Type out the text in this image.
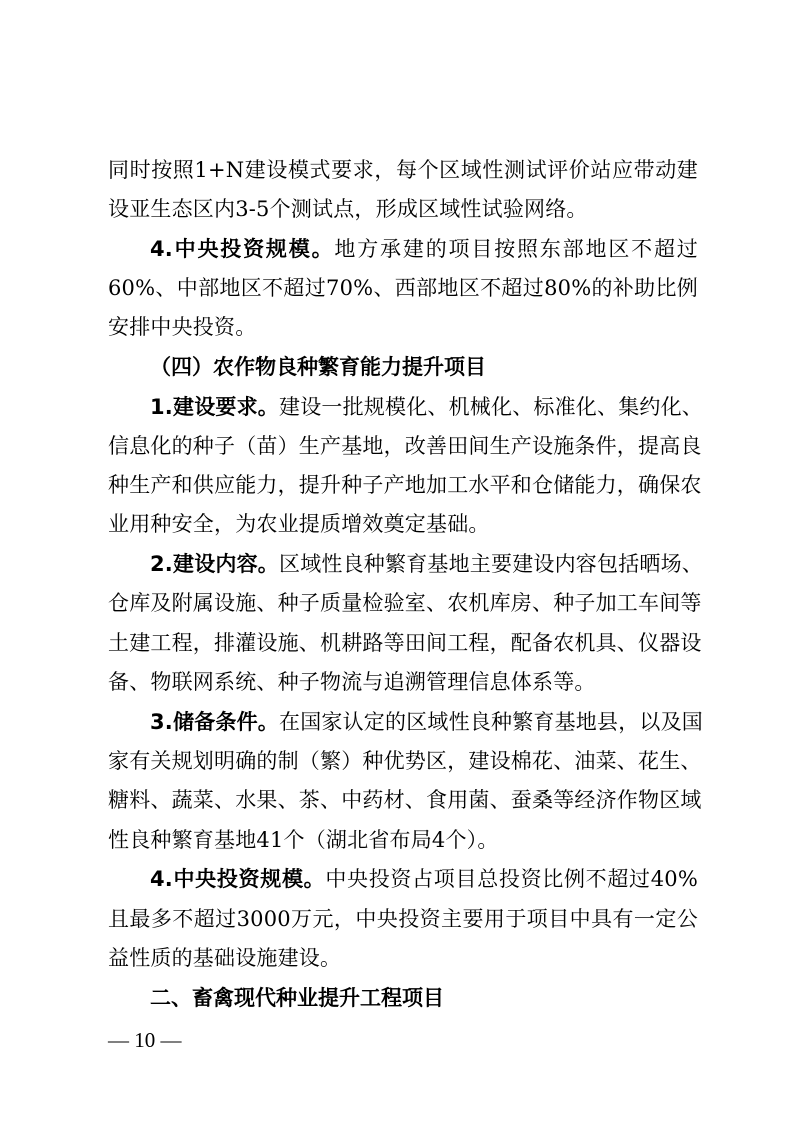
同时按照1+N建设模式要求，每个区域性测试评价站应带动建
设亚生态区内3-5个测试点，形成区域性试验网络。
4.中央投资规模。地方承建的项目按照东部地区不超过
60%、中部地区不超过70%、西部地区不超过80%的补助比例
安排中央投资。
（四）农作物良种繁育能力提升项目
1.建设要求。建设一批规模化、机械化、标准化、集约化、
信息化的种子（苗）生产基地，改善田间生产设施条件，提高良
种生产和供应能力，提升种子产地加工水平和仓储能力，确保农
业用种安全，为农业提质增效奠定基础。
2.建设内容。区域性良种繁育基地主要建设内容包括晒场、
仓库及附属设施、种子质量检验室、农机库房、种子加工车间等
土建工程，排灌设施、机耕路等田间工程，配备农机具、仪器设
备、物联网系统、种子物流与追溯管理信息体系等。
3.储备条件。在国家认定的区域性良种繁育基地县，以及国
家有关规划明确的制（繁）种优势区，建设棉花、油菜、花生、
糖料、蔬菜、水果、茶、中药材、食用菌、蚕桑等经济作物区域
性良种繁育基地41个（湖北省布局4个）。
4.中央投资规模。中央投资占项目总投资比例不超过40%
且最多不超过3000万元，中央投资主要用于项目中具有一定公
益性质的基础设施建设。
二、畜禽现代种业提升工程项目
— 10 —
